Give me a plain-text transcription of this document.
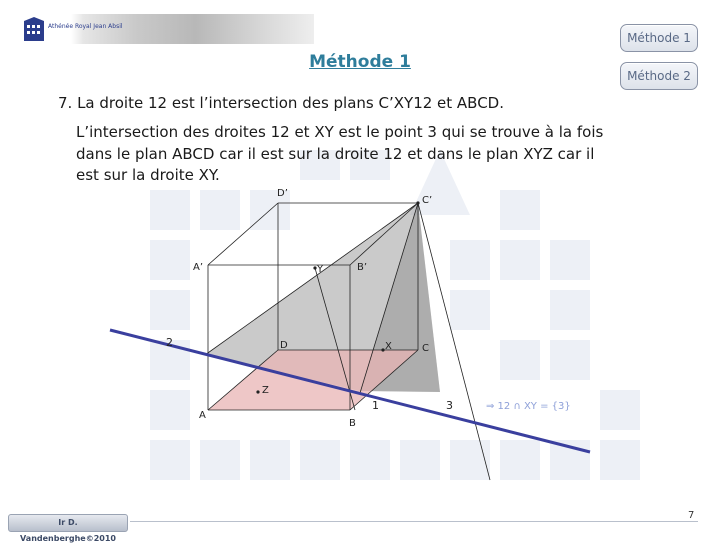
Athénée Royal Jean Absil
Méthode 1
Méthode 2
Méthode 1
7. La droite 12 est l’intersection des plans C’XY12 et ABCD.
L’intersection des droites 12 et XY est le point 3 qui se trouve à la fois
dans le plan ABCD car il est sur la droite 12 et dans le plan XYZ car il
est sur la droite XY.
D’
C’
A’	B’
Y
D	X	C
Z
A
B
2
1	3	⇒ 12 ∩ XY = {3}
Ir D. Vandenberghe©2010
7
